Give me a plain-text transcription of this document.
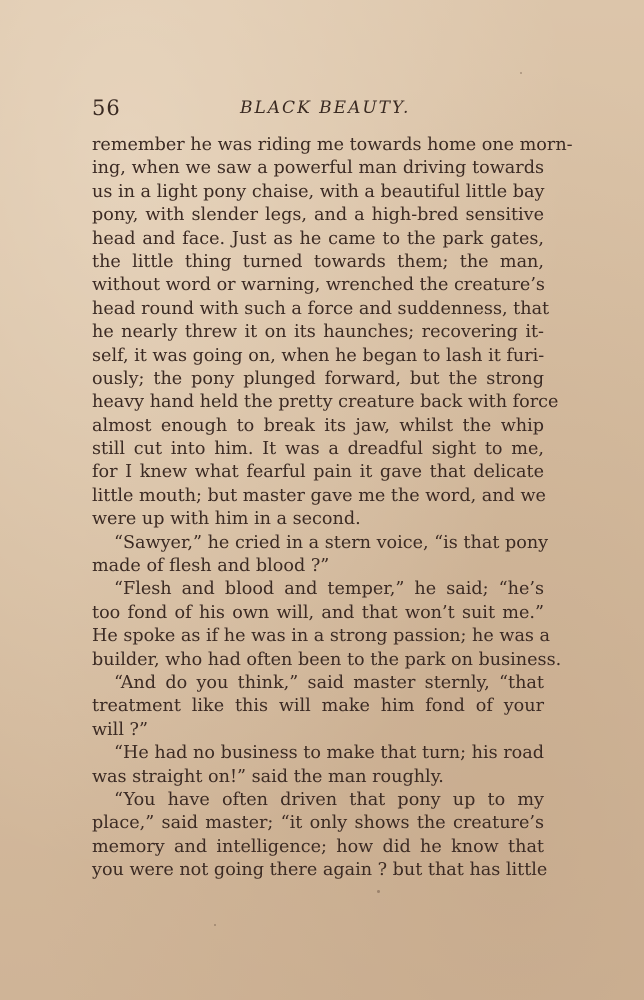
56	BLACK BEAUTY.
remember he was riding me towards home one morn-
ing, when we saw a powerful man driving towards
us in a light pony chaise, with a beautiful little bay
pony, with slender legs, and a high-bred sensitive
head and face. Just as he came to the park gates,
the little thing turned towards them; the man,
without word or warning, wrenched the creature’s
head round with such a force and suddenness, that
he nearly threw it on its haunches; recovering it-
self, it was going on, when he began to lash it furi-
ously; the pony plunged forward, but the strong
heavy hand held the pretty creature back with force
almost enough to break its jaw, whilst the whip
still cut into him. It was a dreadful sight to me,
for I knew what fearful pain it gave that delicate
little mouth; but master gave me the word, and we
were up with him in a second.
“Sawyer,” he cried in a stern voice, “is that pony
made of flesh and blood ?”
“Flesh and blood and temper,” he said; “he’s
too fond of his own will, and that won’t suit me.”
He spoke as if he was in a strong passion; he was a
builder, who had often been to the park on business.
“And do you think,” said master sternly, “that
treatment like this will make him fond of your
will ?”
“He had no business to make that turn; his road
was straight on!” said the man roughly.
“You have often driven that pony up to my
place,” said master; “it only shows the creature’s
memory and intelligence; how did he know that
you were not going there again ? but that has little
